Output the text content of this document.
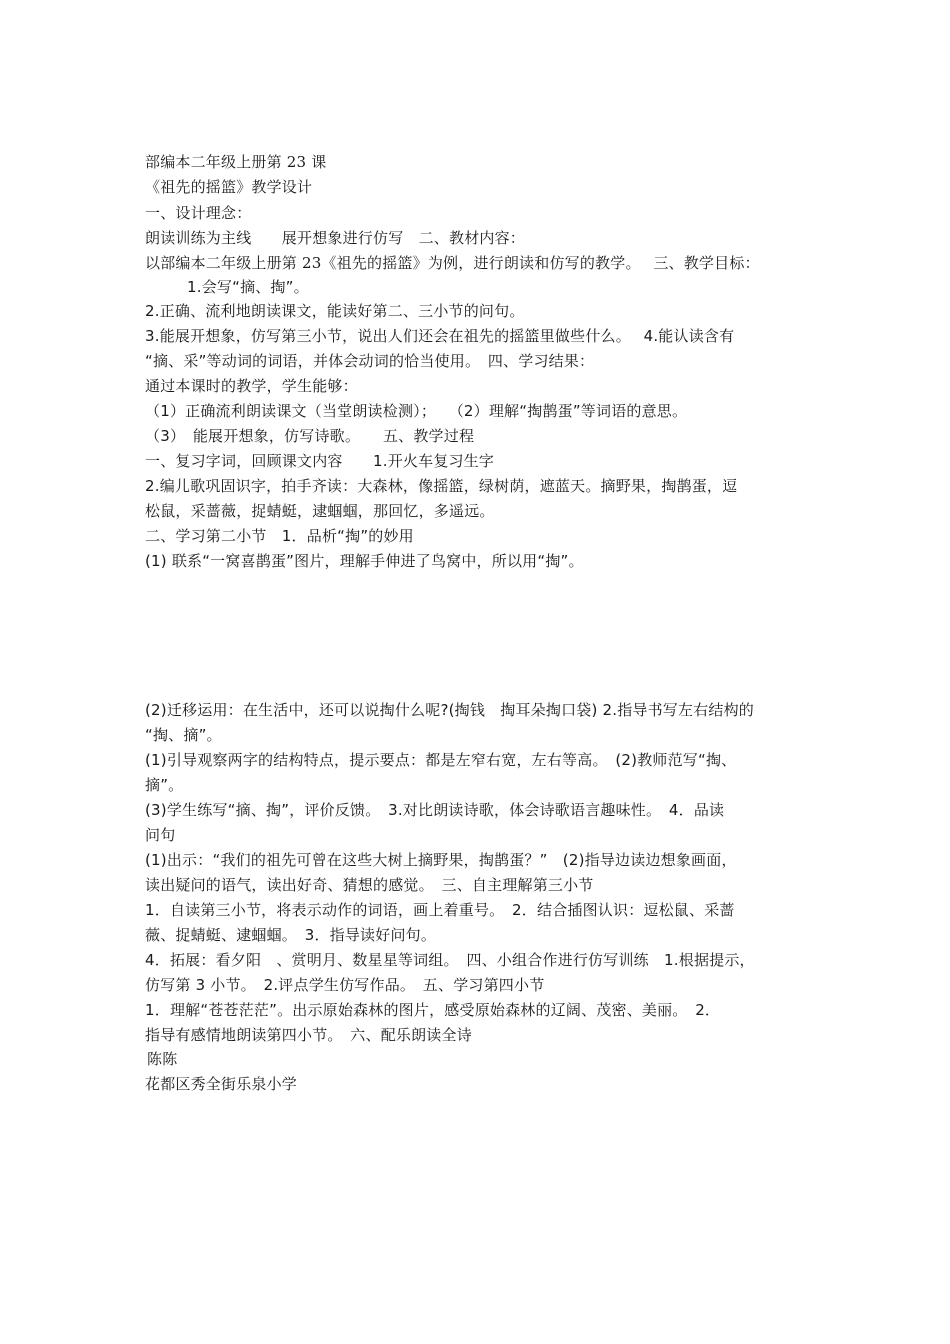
部编本二年级上册第 23 课
《祖先的摇篮》教学设计
一、设计理念：
朗读训练为主线　　展开想象进行仿写　二、教材内容：
以部编本二年级上册第 23《祖先的摇篮》为例，进行朗读和仿写的教学。　 三、教学目标：
1.会写“摘、掏”。
2.正确、流利地朗读课文，能读好第二、三小节的问句。
3.能展开想象，仿写第三小节，说出人们还会在祖先的摇篮里做些什么。　 4.能认读含有
“摘、采”等动词的词语，并体会动词的恰当使用。　四、学习结果：
通过本课时的教学，学生能够：
（1）正确流利朗读课文（当堂朗读检测）；　 （2）理解“掏鹊蛋”等词语的意思。
（3）　能展开想象，仿写诗歌。　　五、教学过程
一、复习字词，回顾课文内容　　1.开火车复习生字
2.编儿歌巩固识字，拍手齐读：大森林，像摇篮，绿树荫，遮蓝天。摘野果，掏鹊蛋，逗
松鼠，采蔷薇，捉蜻蜓，逮蝈蝈，那回忆，多遥远。
二、学习第二小节　1．品析“掏”的妙用
(1) 联系“一窝喜鹊蛋”图片，理解手伸进了鸟窝中，所以用“掏”。
(2)迁移运用：在生活中，还可以说掏什么呢?(掏钱　掏耳朵掏口袋) 2.指导书写左右结构的
“掏、摘”。
(1)引导观察两字的结构特点，提示要点：都是左窄右宽，左右等高。　(2)教师范写“掏、
摘”。
(3)学生练写“摘、掏”，评价反馈。　3.对比朗读诗歌，体会诗歌语言趣味性。　4．品读
问句
(1)出示：“我们的祖先可曾在这些大树上摘野果，掏鹊蛋？”　(2)指导边读边想象画面，
读出疑问的语气，读出好奇、猜想的感觉。　三、自主理解第三小节
1．自读第三小节，将表示动作的词语，画上着重号。　2．结合插图认识：逗松鼠、采蔷
薇、捉蜻蜓、逮蝈蝈。　3．指导读好问句。
4．拓展：看夕阳　、赏明月、数星星等词组。　四、小组合作进行仿写训练　1.根据提示，
仿写第 3 小节。　2.评点学生仿写作品。　五、学习第四小节
1．理解“苍苍茫茫”。出示原始森林的图片，感受原始森林的辽阔、茂密、美丽。　2．
指导有感情地朗读第四小节。　六、配乐朗读全诗
陈陈
花都区秀全街乐泉小学
